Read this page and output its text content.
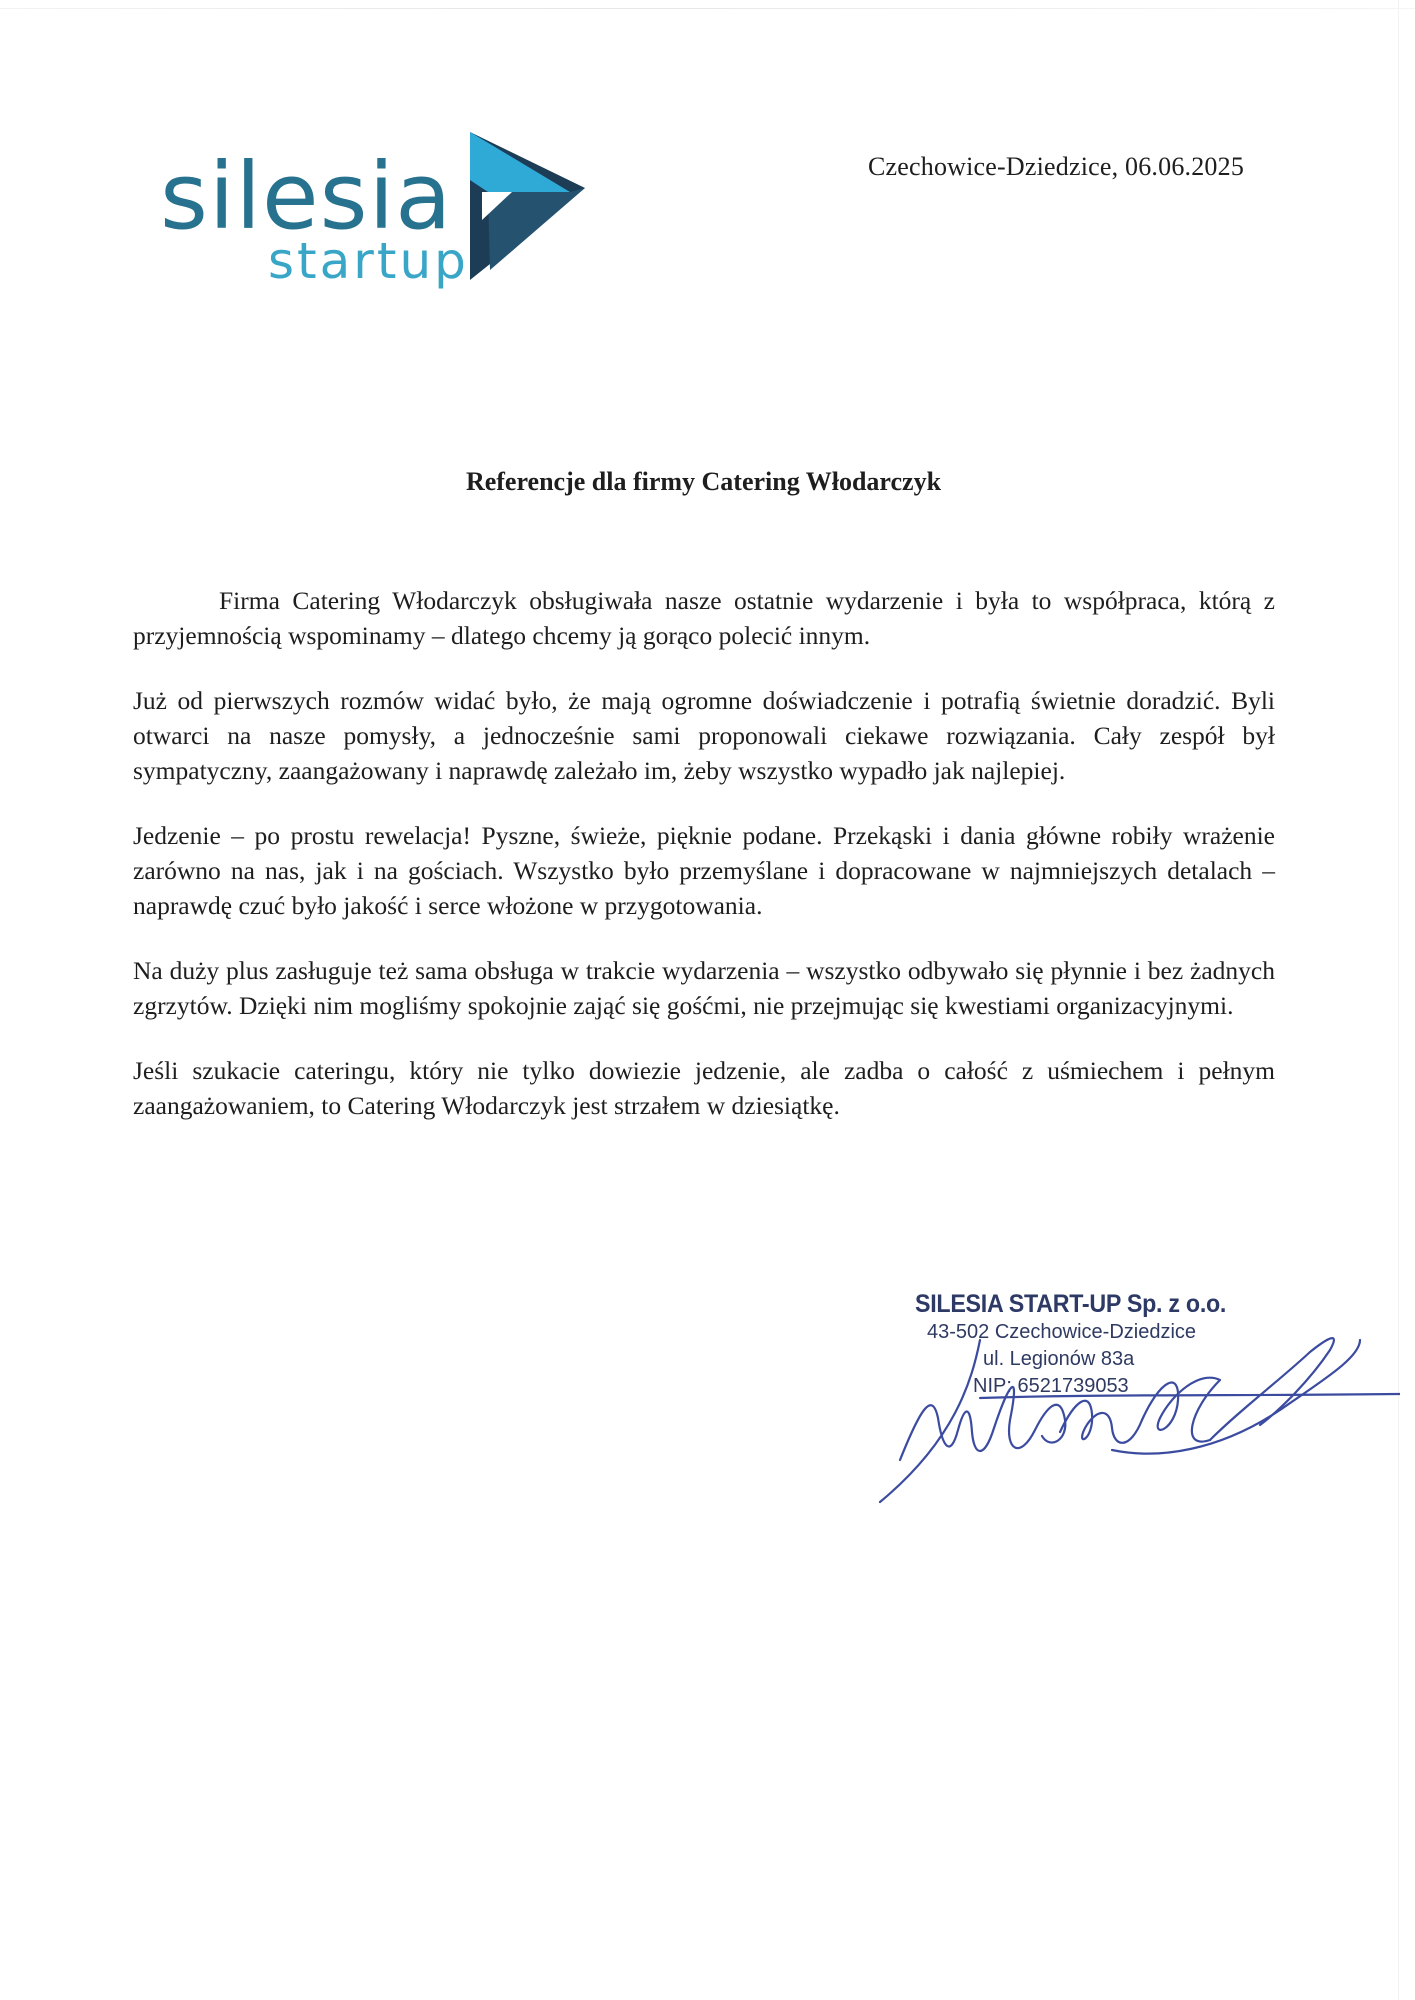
silesia
startup
Czechowice-Dziedzice, 06.06.2025
Referencje dla firmy Catering Włodarczyk

Firma Catering Włodarczyk obsługiwała nasze ostatnie wydarzenie i była to współpraca, którą z przyjemnością wspominamy – dlatego chcemy ją gorąco polecić innym.

Już od pierwszych rozmów widać było, że mają ogromne doświadczenie i potrafią świetnie doradzić. Byli otwarci na nasze pomysły, a jednocześnie sami proponowali ciekawe rozwiązania. Cały zespół był sympatyczny, zaangażowany i naprawdę zależało im, żeby wszystko wypadło jak najlepiej.

Jedzenie – po prostu rewelacja! Pyszne, świeże, pięknie podane. Przekąski i dania główne robiły wrażenie zarówno na nas, jak i na gościach. Wszystko było przemyślane i dopracowane w najmniejszych detalach – naprawdę czuć było jakość i serce włożone w przygotowania.

Na duży plus zasługuje też sama obsługa w trakcie wydarzenia – wszystko odbywało się płynnie i bez żadnych zgrzytów. Dzięki nim mogliśmy spokojnie zająć się gośćmi, nie przejmując się kwestiami organizacyjnymi.

Jeśli szukacie cateringu, który nie tylko dowiezie jedzenie, ale zadba o całość z uśmiechem i pełnym zaangażowaniem, to Catering Włodarczyk jest strzałem w dziesiątkę.

SILESIA START-UP Sp. z o.o.
43-502 Czechowice-Dziedzice
ul. Legionów 83a
NIP: 6521739053
